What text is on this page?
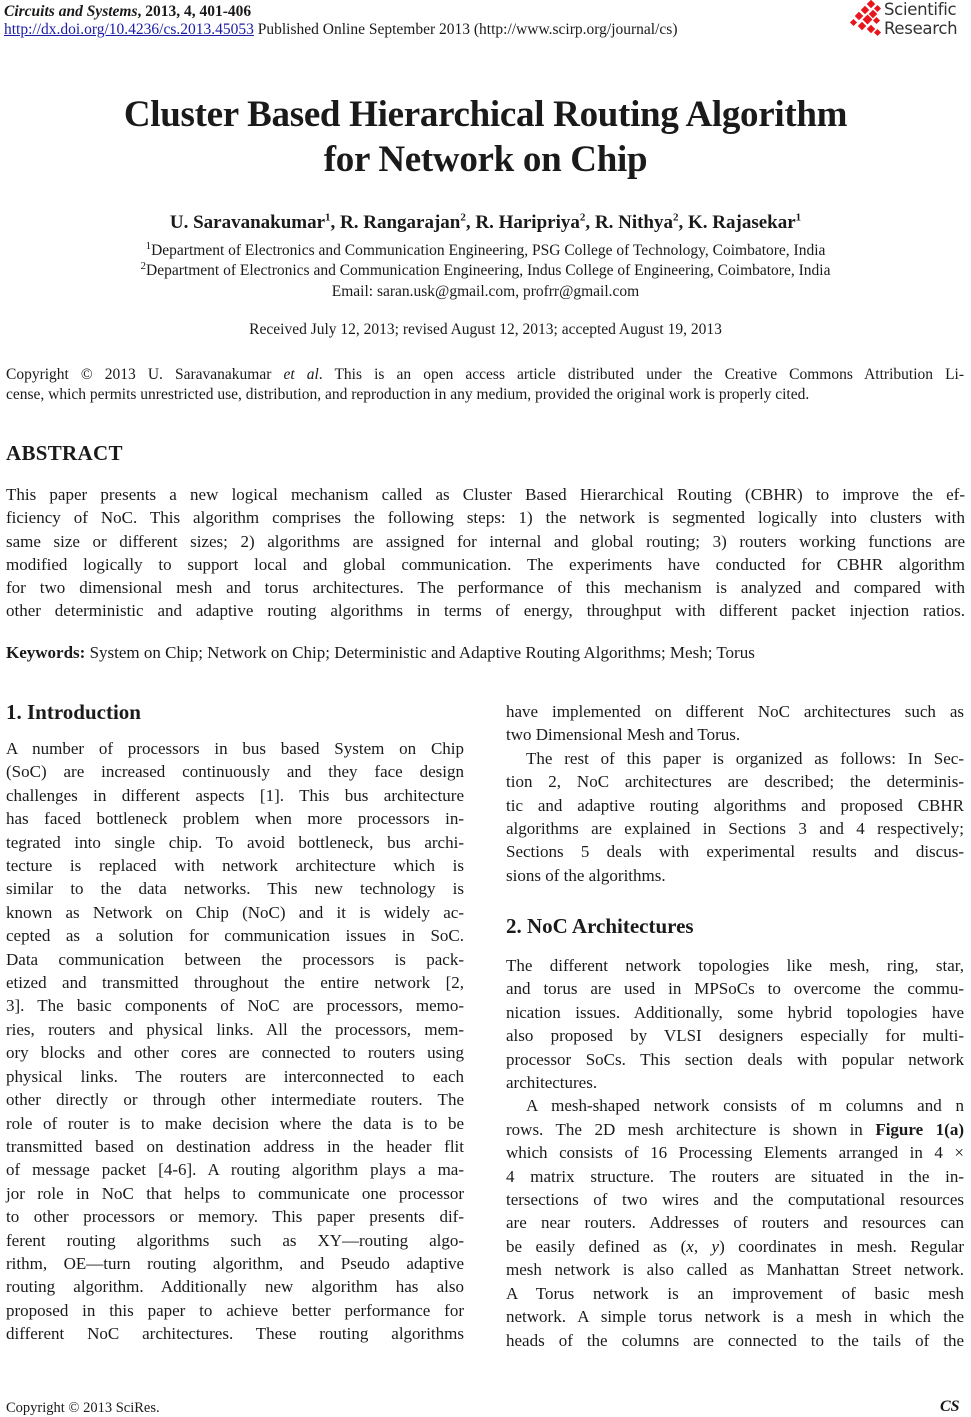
Circuits and Systems, 2013, 4, 401-406
http://dx.doi.org/10.4236/cs.2013.45053 Published Online September 2013 (http://www.scirp.org/journal/cs)
Scientific
Research
Cluster Based Hierarchical Routing Algorithm
for Network on Chip
U. Saravanakumar$^1$, R. Rangarajan$^2$, R. Haripriya$^2$, R. Nithya$^2$, K. Rajasekar$^1$
$^1$Department of Electronics and Communication Engineering, PSG College of Technology, Coimbatore, India
$^2$Department of Electronics and Communication Engineering, Indus College of Engineering, Coimbatore, India
Email: saran.usk@gmail.com, profrr@gmail.com
Received July 12, 2013; revised August 12, 2013; accepted August 19, 2013
Copyright © 2013 U. Saravanakumar et al. This is an open access article distributed under the Creative Commons Attribution Li-
cense, which permits unrestricted use, distribution, and reproduction in any medium, provided the original work is properly cited.
ABSTRACT
This paper presents a new logical mechanism called as Cluster Based Hierarchical Routing (CBHR) to improve the ef-
ficiency of NoC. This algorithm comprises the following steps: 1) the network is segmented logically into clusters with
same size or different sizes; 2) algorithms are assigned for internal and global routing; 3) routers working functions are
modified logically to support local and global communication. The experiments have conducted for CBHR algorithm
for two dimensional mesh and torus architectures. The performance of this mechanism is analyzed and compared with
other deterministic and adaptive routing algorithms in terms of energy, throughput with different packet injection ratios.
Keywords: System on Chip; Network on Chip; Deterministic and Adaptive Routing Algorithms; Mesh; Torus
1. Introduction
A number of processors in bus based System on Chip
(SoC) are increased continuously and they face design
challenges in different aspects [1]. This bus architecture
has faced bottleneck problem when more processors in-
tegrated into single chip. To avoid bottleneck, bus archi-
tecture is replaced with network architecture which is
similar to the data networks. This new technology is
known as Network on Chip (NoC) and it is widely ac-
cepted as a solution for communication issues in SoC.
Data communication between the processors is pack-
etized and transmitted throughout the entire network [2,
3]. The basic components of NoC are processors, memo-
ries, routers and physical links. All the processors, mem-
ory blocks and other cores are connected to routers using
physical links. The routers are interconnected to each
other directly or through other intermediate routers. The
role of router is to make decision where the data is to be
transmitted based on destination address in the header flit
of message packet [4-6]. A routing algorithm plays a ma-
jor role in NoC that helps to communicate one processor
to other processors or memory. This paper presents dif-
ferent routing algorithms such as XY—routing algo-
rithm, OE—turn routing algorithm, and Pseudo adaptive
routing algorithm. Additionally new algorithm has also
proposed in this paper to achieve better performance for
different NoC architectures. These routing algorithms
have implemented on different NoC architectures such as
two Dimensional Mesh and Torus.
The rest of this paper is organized as follows: In Sec-
tion 2, NoC architectures are described; the determinis-
tic and adaptive routing algorithms and proposed CBHR
algorithms are explained in Sections 3 and 4 respectively;
Sections 5 deals with experimental results and discus-
sions of the algorithms.
2. NoC Architectures
The different network topologies like mesh, ring, star,
and torus are used in MPSoCs to overcome the commu-
nication issues. Additionally, some hybrid topologies have
also proposed by VLSI designers especially for multi-
processor SoCs. This section deals with popular network
architectures.
A mesh-shaped network consists of m columns and n
rows. The 2D mesh architecture is shown in Figure 1(a)
which consists of 16 Processing Elements arranged in 4 ×
4 matrix structure. The routers are situated in the in-
tersections of two wires and the computational resources
are near routers. Addresses of routers and resources can
be easily defined as (x, y) coordinates in mesh. Regular
mesh network is also called as Manhattan Street network.
A Torus network is an improvement of basic mesh
network. A simple torus network is a mesh in which the
heads of the columns are connected to the tails of the
Copyright © 2013 SciRes.	CS
